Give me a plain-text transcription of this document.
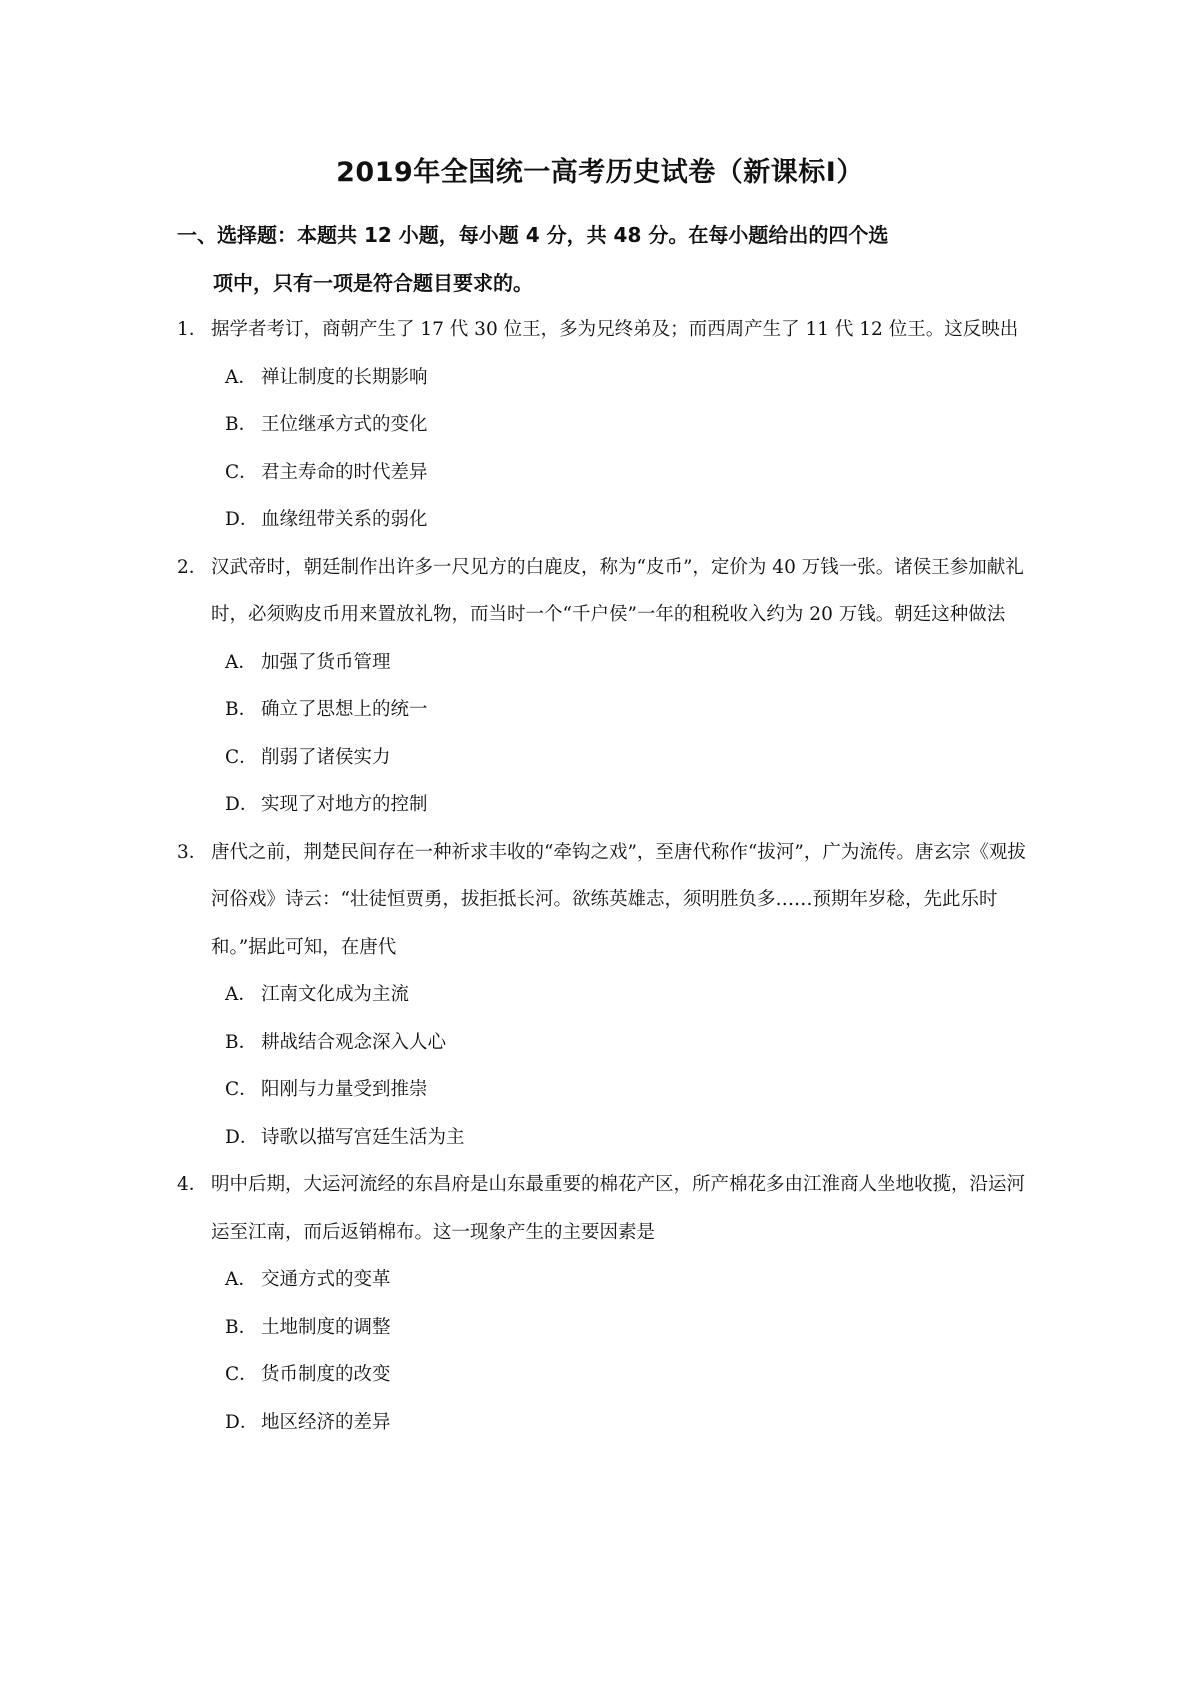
2019年全国统一高考历史试卷（新课标Ⅰ）
一、选择题：本题共 12 小题，每小题 4 分，共 48 分。在每小题给出的四个选
项中，只有一项是符合题目要求的。
1． 据学者考订，商朝产生了 17 代 30 位王，多为兄终弟及；而西周产生了 11 代 12 位王。这反映出
A． 禅让制度的长期影响
B． 王位继承方式的变化
C． 君主寿命的时代差异
D． 血缘纽带关系的弱化
2． 汉武帝时，朝廷制作出许多一尺见方的白鹿皮，称为“皮币”，定价为 40 万钱一张。诸侯王参加献礼时，必须购皮币用来置放礼物，而当时一个“千户侯”一年的租税收入约为 20 万钱。朝廷这种做法
A． 加强了货币管理
B． 确立了思想上的统一
C． 削弱了诸侯实力
D． 实现了对地方的控制
3． 唐代之前，荆楚民间存在一种祈求丰收的“牵钩之戏”，至唐代称作“拔河”，广为流传。唐玄宗《观拔河俗戏》诗云：“壮徒恒贾勇，拔拒抵长河。欲练英雄志，须明胜负多……预期年岁稔，先此乐时和。”据此可知，在唐代
A． 江南文化成为主流
B． 耕战结合观念深入人心
C． 阳刚与力量受到推崇
D． 诗歌以描写宫廷生活为主
4． 明中后期，大运河流经的东昌府是山东最重要的棉花产区，所产棉花多由江淮商人坐地收揽，沿运河运至江南，而后返销棉布。这一现象产生的主要因素是
A． 交通方式的变革
B． 土地制度的调整
C． 货币制度的改变
D． 地区经济的差异
